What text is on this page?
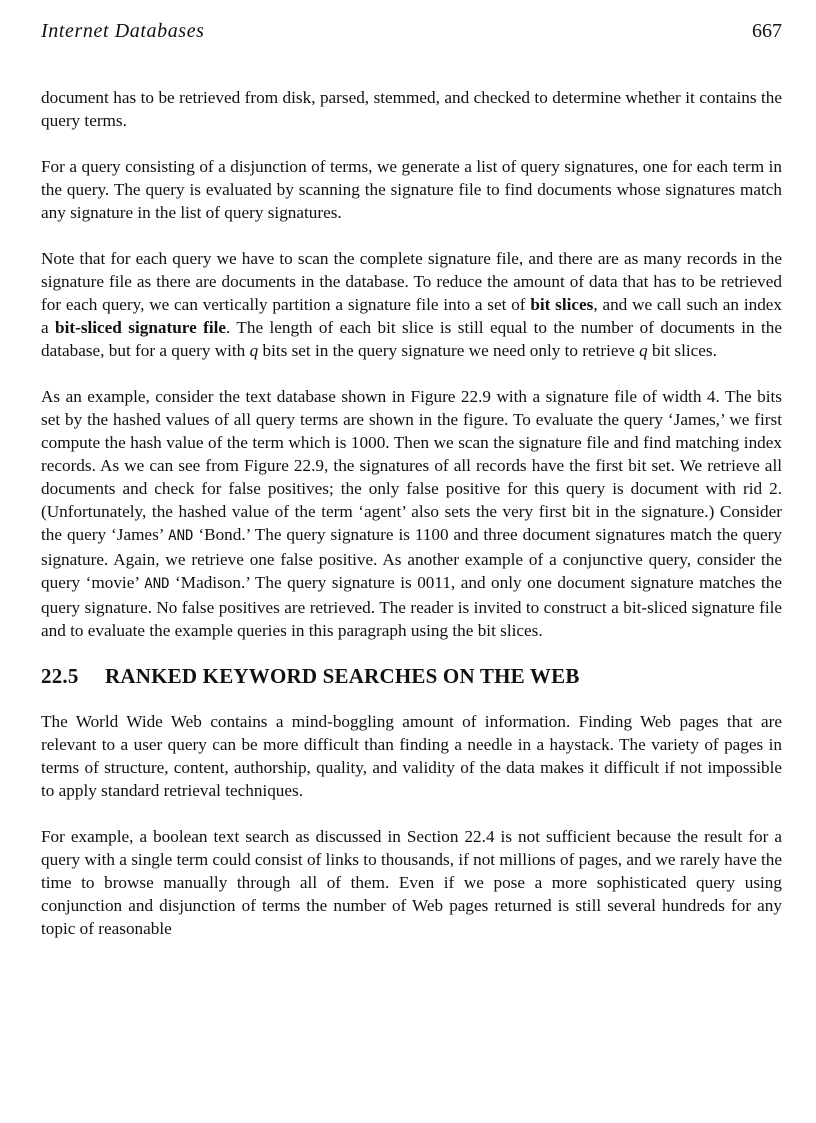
Internet Databases	667

document has to be retrieved from disk, parsed, stemmed, and checked to determine whether it contains the query terms.

For a query consisting of a disjunction of terms, we generate a list of query signatures, one for each term in the query. The query is evaluated by scanning the signature file to find documents whose signatures match any signature in the list of query signatures.

Note that for each query we have to scan the complete signature file, and there are as many records in the signature file as there are documents in the database. To reduce the amount of data that has to be retrieved for each query, we can vertically partition a signature file into a set of bit slices, and we call such an index a bit-sliced signature file. The length of each bit slice is still equal to the number of documents in the database, but for a query with q bits set in the query signature we need only to retrieve q bit slices.

As an example, consider the text database shown in Figure 22.9 with a signature file of width 4. The bits set by the hashed values of all query terms are shown in the figure. To evaluate the query ‘James,’ we first compute the hash value of the term which is 1000. Then we scan the signature file and find matching index records. As we can see from Figure 22.9, the signatures of all records have the first bit set. We retrieve all documents and check for false positives; the only false positive for this query is document with rid 2. (Unfortunately, the hashed value of the term ‘agent’ also sets the very first bit in the signature.) Consider the query ‘James’ AND ‘Bond.’ The query signature is 1100 and three document signatures match the query signature. Again, we retrieve one false positive. As another example of a conjunctive query, consider the query ‘movie’ AND ‘Madison.’ The query signature is 0011, and only one document signature matches the query signature. No false positives are retrieved. The reader is invited to construct a bit-sliced signature file and to evaluate the example queries in this paragraph using the bit slices.

22.5 RANKED KEYWORD SEARCHES ON THE WEB

The World Wide Web contains a mind-boggling amount of information. Finding Web pages that are relevant to a user query can be more difficult than finding a needle in a haystack. The variety of pages in terms of structure, content, authorship, quality, and validity of the data makes it difficult if not impossible to apply standard retrieval techniques.

For example, a boolean text search as discussed in Section 22.4 is not sufficient because the result for a query with a single term could consist of links to thousands, if not millions of pages, and we rarely have the time to browse manually through all of them. Even if we pose a more sophisticated query using conjunction and disjunction of terms the number of Web pages returned is still several hundreds for any topic of reasonable
